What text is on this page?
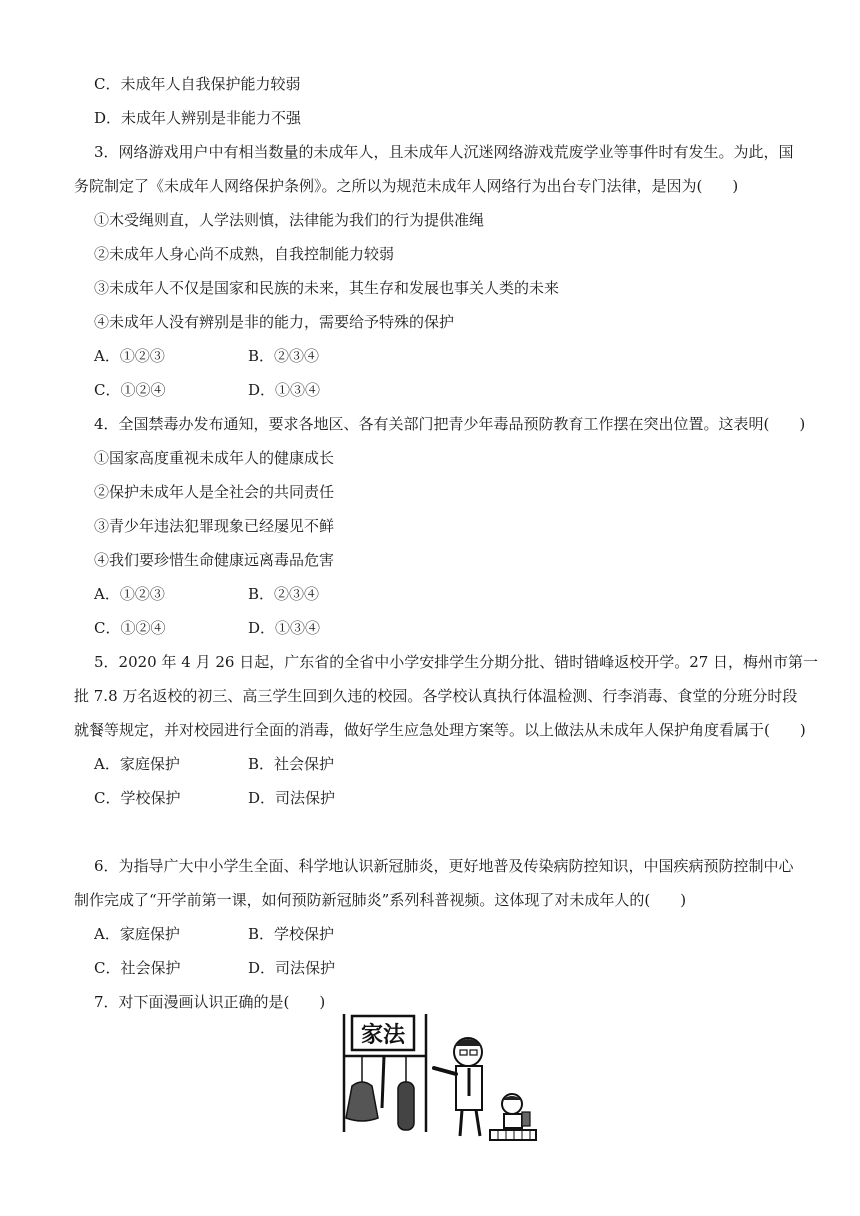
C．未成年人自我保护能力较弱
D．未成年人辨别是非能力不强
3．网络游戏用户中有相当数量的未成年人，且未成年人沉迷网络游戏荒废学业等事件时有发生。为此，国
务院制定了《未成年人网络保护条例》。之所以为规范未成年人网络行为出台专门法律，是因为(　　)
①木受绳则直，人学法则慎，法律能为我们的行为提供准绳
②未成年人身心尚不成熟，自我控制能力较弱
③未成年人不仅是国家和民族的未来，其生存和发展也事关人类的未来
④未成年人没有辨别是非的能力，需要给予特殊的保护
A．①②③	B．②③④
C．①②④	D．①③④
4．全国禁毒办发布通知，要求各地区、各有关部门把青少年毒品预防教育工作摆在突出位置。这表明(　　)
①国家高度重视未成年人的健康成长
②保护未成年人是全社会的共同责任
③青少年违法犯罪现象已经屡见不鲜
④我们要珍惜生命健康远离毒品危害
A．①②③	B．②③④
C．①②④	D．①③④
5．2020 年 4 月 26 日起，广东省的全省中小学安排学生分期分批、错时错峰返校开学。27 日，梅州市第一
批 7.8 万名返校的初三、高三学生回到久违的校园。各学校认真执行体温检测、行李消毒、食堂的分班分时段
就餐等规定，并对校园进行全面的消毒，做好学生应急处理方案等。以上做法从未成年人保护角度看属于(　　)
A．家庭保护	B．社会保护
C．学校保护	D．司法保护
6．为指导广大中小学生全面、科学地认识新冠肺炎，更好地普及传染病防控知识，中国疾病预防控制中心
制作完成了“开学前第一课，如何预防新冠肺炎”系列科普视频。这体现了对未成年人的(　　)
A．家庭保护	B．学校保护
C．社会保护	D．司法保护
7．对下面漫画认识正确的是(　　)
家法
